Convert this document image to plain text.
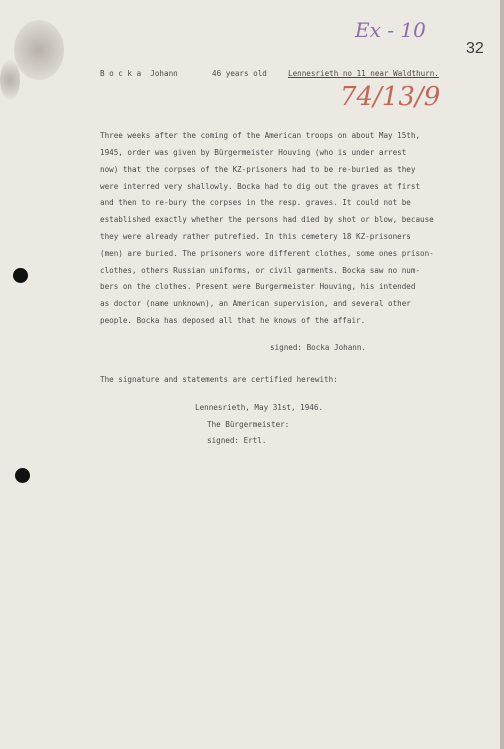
Ex - 10
32
74/13/9
B o c k a  Johann	46 years old	Lennesrieth no 11 near Waldthurn.
Three weeks after the coming of the American troops on about May 15th,
1945, order was given by Bürgermeister Houving (who is under arrest
now) that the corpses of the KZ-prisoners had to be re-buried as they
were interred very shallowly. Bocka had to dig out the graves at first
and then to re-bury the corpses in the resp. graves. It could not be
established exactly whether the persons had died by shot or blow, because
they were already rather putrefied. In this cemetery 18 KZ-prisoners
(men) are buried. The prisoners wore different clothes, some ones prison-
clothes, others Russian uniforms, or civil garments. Bocka saw no num-
bers on the clothes. Present were Burgermeister Houving, his intended
as doctor (name unknown), an American supervision, and several other
people. Bocka has deposed all that he knows of the affair.
signed: Bocka Johann.
The signature and statements are certified herewith:
Lennesrieth, May 31st, 1946.
The Bürgermeister:
signed: Ertl.
